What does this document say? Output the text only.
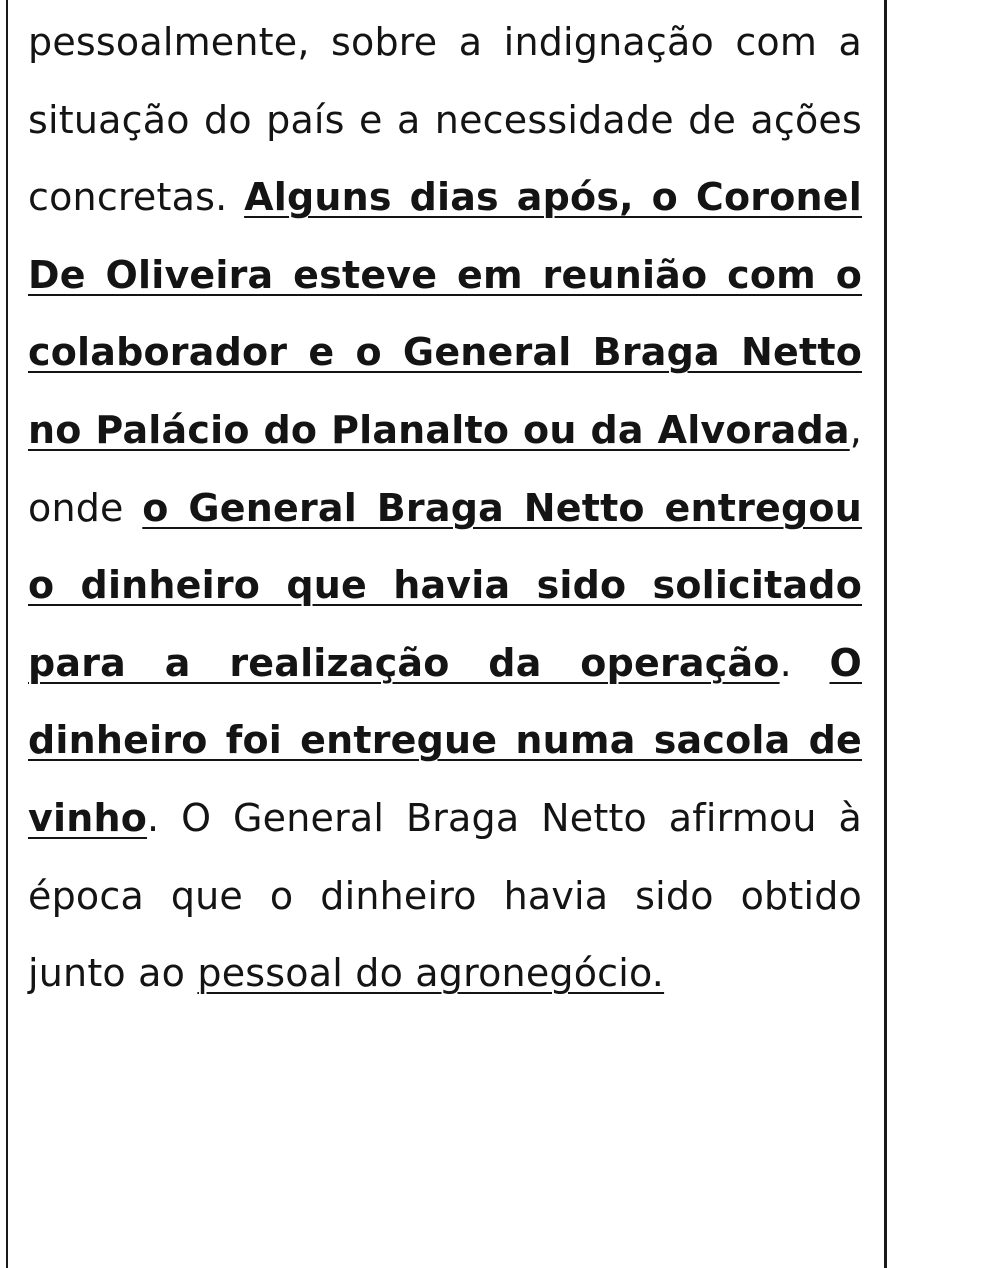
pessoalmente, sobre a indignação com a situação do país e a necessidade de ações concretas. Alguns dias após, o Coronel De Oliveira esteve em reunião com o colaborador e o General Braga Netto no Palácio do Planalto ou da Alvorada, onde o General Braga Netto entregou o dinheiro que havia sido solicitado para a realização da operação. O dinheiro foi entregue numa sacola de vinho. O General Braga Netto afirmou à época que o dinheiro havia sido obtido junto ao pessoal do agronegócio.
